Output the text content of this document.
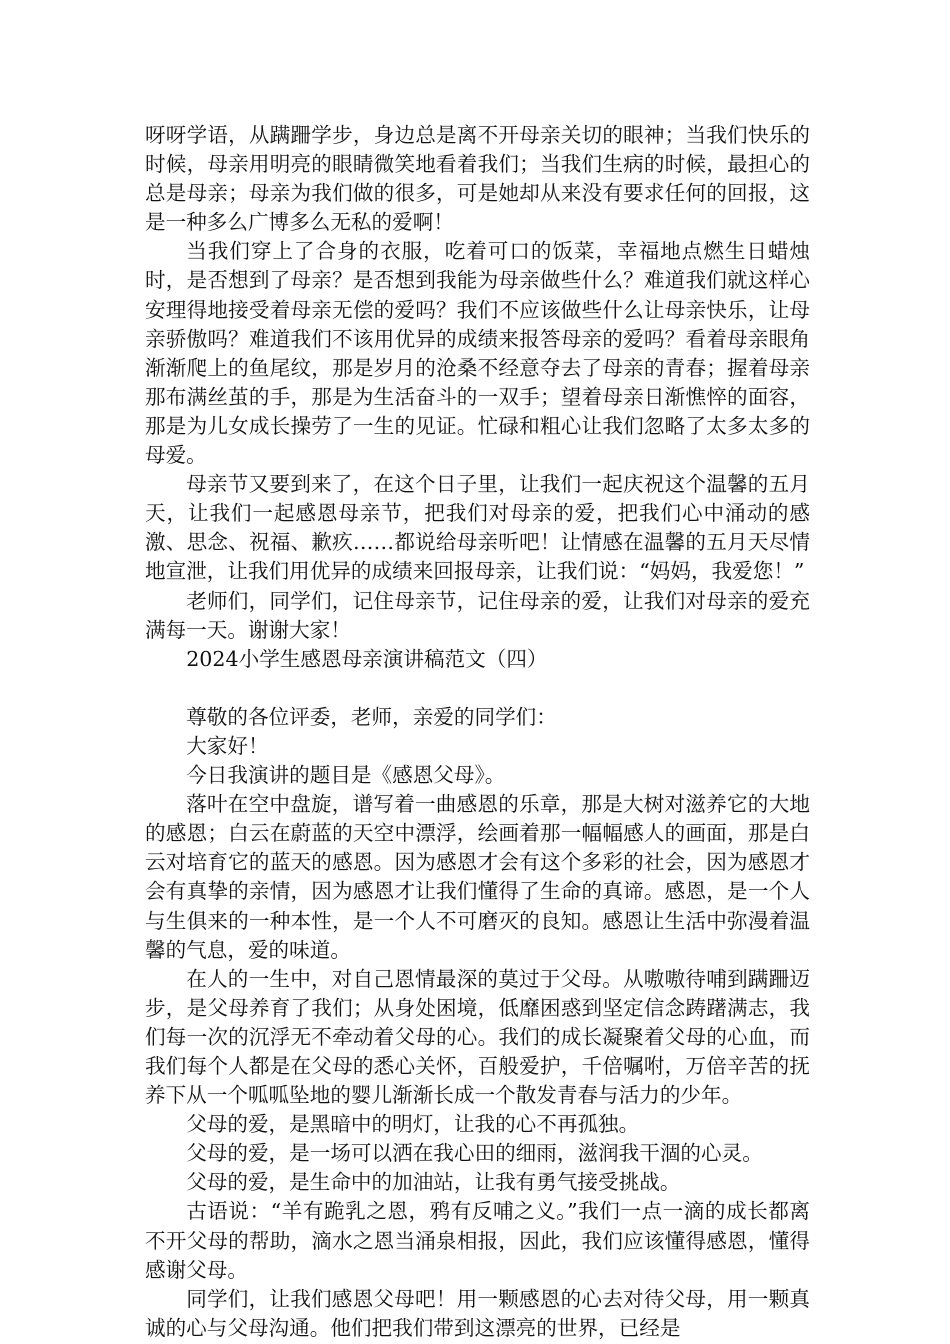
呀呀学语，从蹒跚学步，身边总是离不开母亲关切的眼神；当我们快乐的时候，母亲用明亮的眼睛微笑地看着我们；当我们生病的时候，最担心的总是母亲；母亲为我们做的很多，可是她却从来没有要求任何的回报，这是一种多么广博多么无私的爱啊！

当我们穿上了合身的衣服，吃着可口的饭菜，幸福地点燃生日蜡烛时，是否想到了母亲？是否想到我能为母亲做些什么？难道我们就这样心安理得地接受着母亲无偿的爱吗？我们不应该做些什么让母亲快乐，让母亲骄傲吗？难道我们不该用优异的成绩来报答母亲的爱吗？看着母亲眼角渐渐爬上的鱼尾纹，那是岁月的沧桑不经意夺去了母亲的青春；握着母亲那布满丝茧的手，那是为生活奋斗的一双手；望着母亲日渐憔悴的面容，那是为儿女成长操劳了一生的见证。忙碌和粗心让我们忽略了太多太多的母爱。

母亲节又要到来了，在这个日子里，让我们一起庆祝这个温馨的五月天，让我们一起感恩母亲节，把我们对母亲的爱，把我们心中涌动的感激、思念、祝福、歉疚……都说给母亲听吧！让情感在温馨的五月天尽情地宣泄，让我们用优异的成绩来回报母亲，让我们说：“妈妈，我爱您！”

老师们，同学们，记住母亲节，记住母亲的爱，让我们对母亲的爱充满每一天。谢谢大家！

2024小学生感恩母亲演讲稿范文（四）

尊敬的各位评委，老师，亲爱的同学们：

大家好！

今日我演讲的题目是《感恩父母》。

落叶在空中盘旋，谱写着一曲感恩的乐章，那是大树对滋养它的大地的感恩；白云在蔚蓝的天空中漂浮，绘画着那一幅幅感人的画面，那是白云对培育它的蓝天的感恩。因为感恩才会有这个多彩的社会，因为感恩才会有真挚的亲情，因为感恩才让我们懂得了生命的真谛。感恩，是一个人与生俱来的一种本性，是一个人不可磨灭的良知。感恩让生活中弥漫着温馨的气息，爱的味道。

在人的一生中，对自己恩情最深的莫过于父母。从嗷嗷待哺到蹒跚迈步，是父母养育了我们；从身处困境，低靡困惑到坚定信念踌躇满志，我们每一次的沉浮无不牵动着父母的心。我们的成长凝聚着父母的心血，而我们每个人都是在父母的悉心关怀，百般爱护，千倍嘱咐，万倍辛苦的抚养下从一个呱呱坠地的婴儿渐渐长成一个散发青春与活力的少年。

父母的爱，是黑暗中的明灯，让我的心不再孤独。

父母的爱，是一场可以洒在我心田的细雨，滋润我干涸的心灵。

父母的爱，是生命中的加油站，让我有勇气接受挑战。

古语说：“羊有跪乳之恩，鸦有反哺之义。”我们一点一滴的成长都离不开父母的帮助，滴水之恩当涌泉相报，因此，我们应该懂得感恩，懂得感谢父母。

同学们，让我们感恩父母吧！用一颗感恩的心去对待父母，用一颗真诚的心与父母沟通。他们把我们带到这漂亮的世界，已经是
